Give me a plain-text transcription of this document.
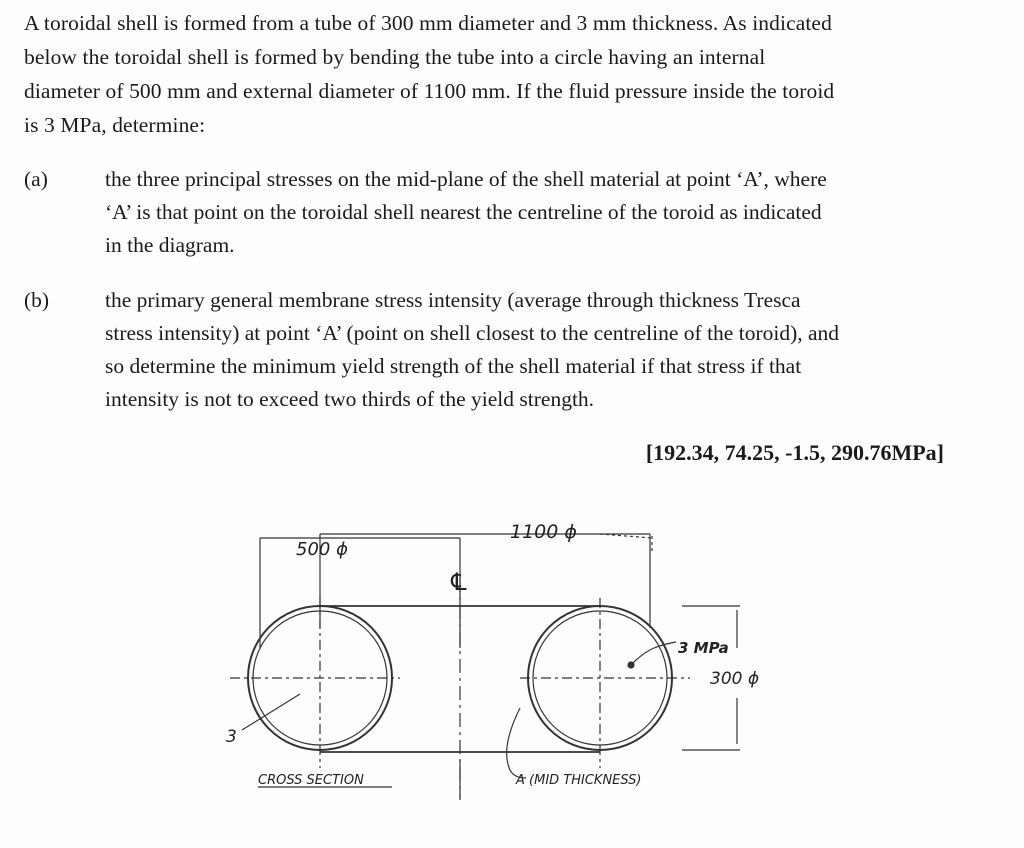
A toroidal shell is formed from a tube of 300 mm diameter and 3 mm thickness. As indicated
below the toroidal shell is formed by bending the tube into a circle having an internal
diameter of 500 mm and external diameter of 1100 mm. If the fluid pressure inside the toroid
is 3 MPa, determine:
(a)	the three principal stresses on the mid-plane of the shell material at point ‘A’, where
‘A’ is that point on the toroidal shell nearest the centreline of the toroid as indicated
in the diagram.
(b)	the primary general membrane stress intensity (average through thickness Tresca
stress intensity) at point ‘A’ (point on shell closest to the centreline of the toroid), and
so determine the minimum yield strength of the shell material if that stress if that
intensity is not to exceed two thirds of the yield strength.
[192.34, 74.25, -1.5, 290.76MPa]
500 ϕ
1100 ϕ
℄
3 MPa
300 ϕ
3
CROSS SECTION	A (MID THICKNESS)
